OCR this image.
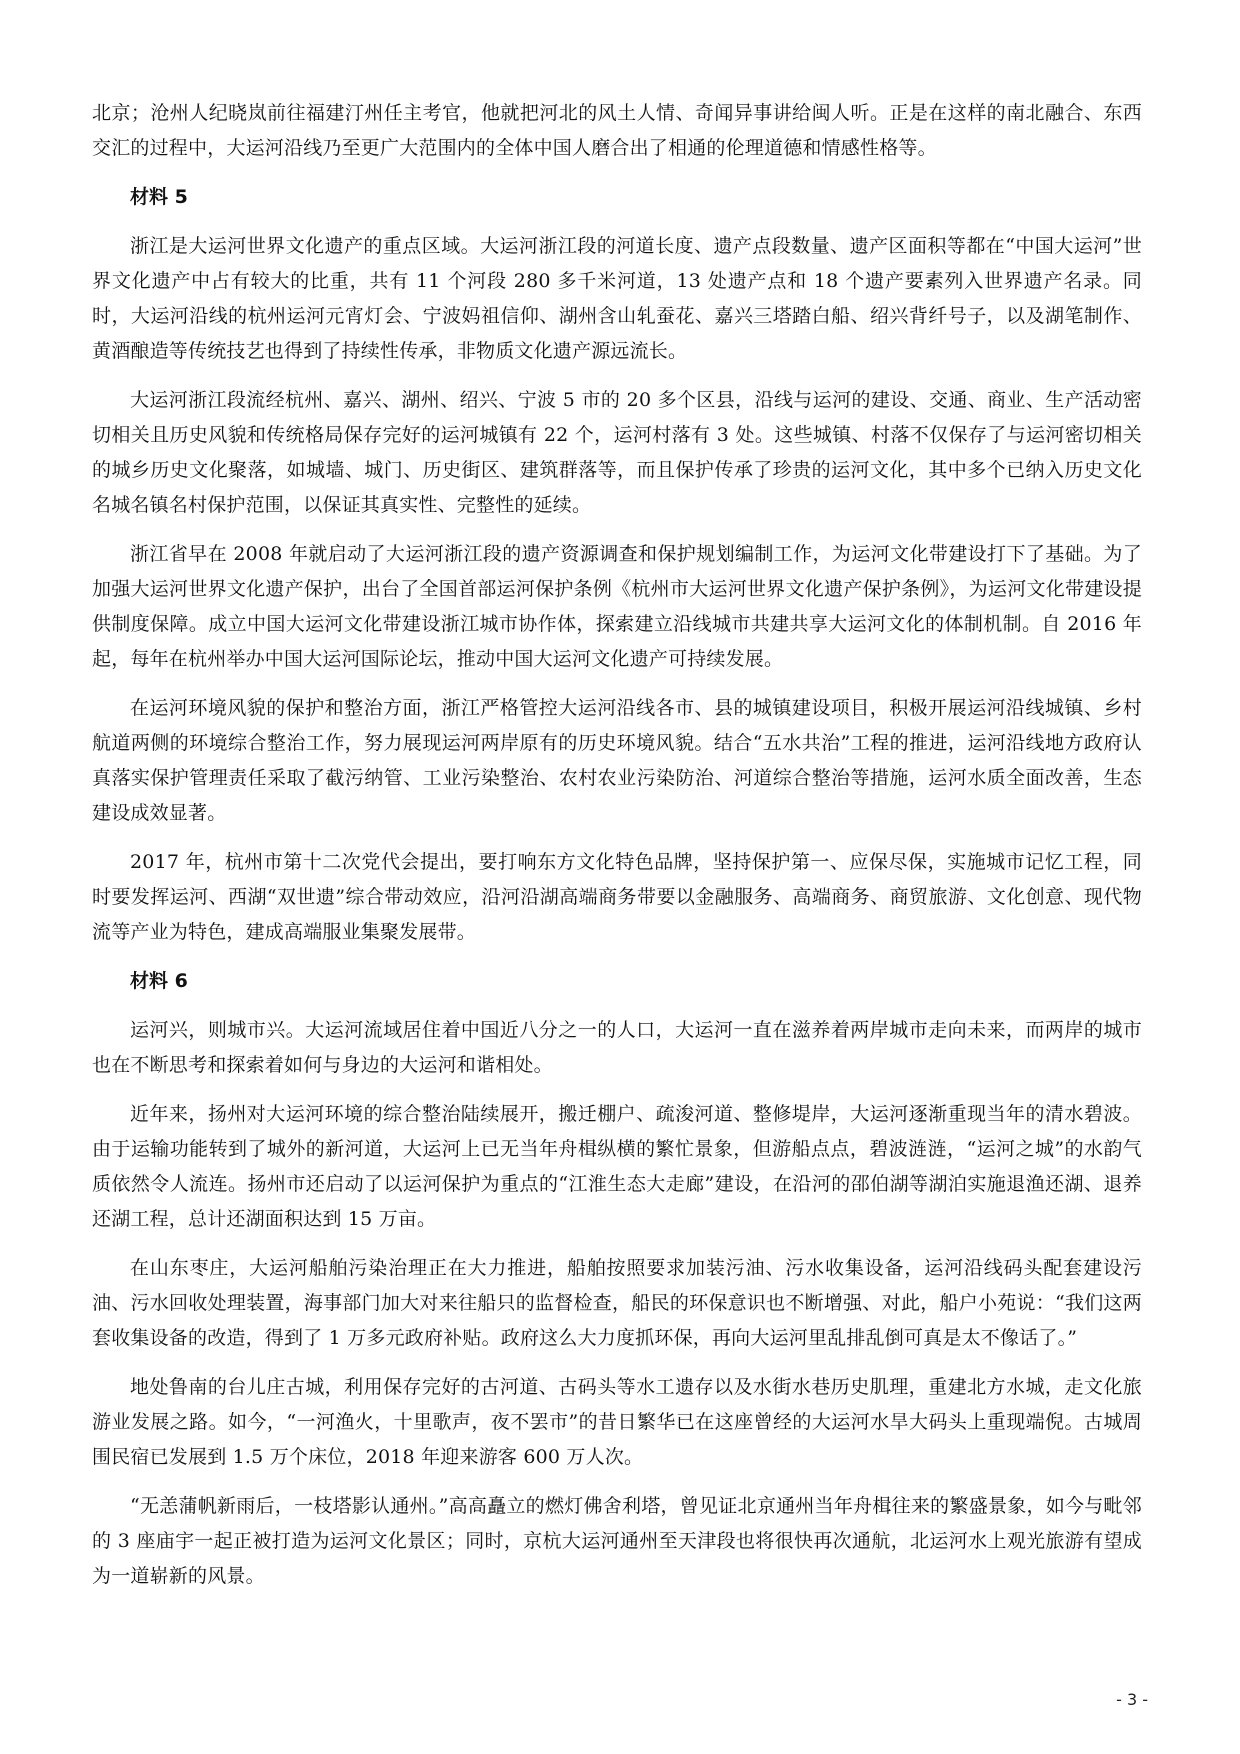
北京；沧州人纪晓岚前往福建汀州任主考官，他就把河北的风土人情、奇闻异事讲给闽人听。正是在这样的南北融合、东西交汇的过程中，大运河沿线乃至更广大范围内的全体中国人磨合出了相通的伦理道德和情感性格等。

材料 5

浙江是大运河世界文化遗产的重点区域。大运河浙江段的河道长度、遗产点段数量、遗产区面积等都在“中国大运河”世界文化遗产中占有较大的比重，共有 11 个河段 280 多千米河道，13 处遗产点和 18 个遗产要素列入世界遗产名录。同时，大运河沿线的杭州运河元宵灯会、宁波妈祖信仰、湖州含山轧蚕花、嘉兴三塔踏白船、绍兴背纤号子，以及湖笔制作、黄酒酿造等传统技艺也得到了持续性传承，非物质文化遗产源远流长。

大运河浙江段流经杭州、嘉兴、湖州、绍兴、宁波 5 市的 20 多个区县，沿线与运河的建设、交通、商业、生产活动密切相关且历史风貌和传统格局保存完好的运河城镇有 22 个，运河村落有 3 处。这些城镇、村落不仅保存了与运河密切相关的城乡历史文化聚落，如城墙、城门、历史街区、建筑群落等，而且保护传承了珍贵的运河文化，其中多个已纳入历史文化名城名镇名村保护范围，以保证其真实性、完整性的延续。

浙江省早在 2008 年就启动了大运河浙江段的遗产资源调查和保护规划编制工作，为运河文化带建设打下了基础。为了加强大运河世界文化遗产保护，出台了全国首部运河保护条例《杭州市大运河世界文化遗产保护条例》，为运河文化带建设提供制度保障。成立中国大运河文化带建设浙江城市协作体，探索建立沿线城市共建共享大运河文化的体制机制。自 2016 年起，每年在杭州举办中国大运河国际论坛，推动中国大运河文化遗产可持续发展。

在运河环境风貌的保护和整治方面，浙江严格管控大运河沿线各市、县的城镇建设项目，积极开展运河沿线城镇、乡村航道两侧的环境综合整治工作，努力展现运河两岸原有的历史环境风貌。结合“五水共治”工程的推进，运河沿线地方政府认真落实保护管理责任采取了截污纳管、工业污染整治、农村农业污染防治、河道综合整治等措施，运河水质全面改善，生态建设成效显著。

2017 年，杭州市第十二次党代会提出，要打响东方文化特色品牌，坚持保护第一、应保尽保，实施城市记忆工程，同时要发挥运河、西湖“双世遗”综合带动效应，沿河沿湖高端商务带要以金融服务、高端商务、商贸旅游、文化创意、现代物流等产业为特色，建成高端服业集聚发展带。

材料 6

运河兴，则城市兴。大运河流域居住着中国近八分之一的人口，大运河一直在滋养着两岸城市走向未来，而两岸的城市也在不断思考和探索着如何与身边的大运河和谐相处。

近年来，扬州对大运河环境的综合整治陆续展开，搬迁棚户、疏浚河道、整修堤岸，大运河逐渐重现当年的清水碧波。由于运输功能转到了城外的新河道，大运河上已无当年舟楫纵横的繁忙景象，但游船点点，碧波涟涟，“运河之城”的水韵气质依然令人流连。扬州市还启动了以运河保护为重点的“江淮生态大走廊”建设，在沿河的邵伯湖等湖泊实施退渔还湖、退养还湖工程，总计还湖面积达到 15 万亩。

在山东枣庄，大运河船舶污染治理正在大力推进，船舶按照要求加装污油、污水收集设备，运河沿线码头配套建设污油、污水回收处理装置，海事部门加大对来往船只的监督检查，船民的环保意识也不断增强、对此，船户小苑说：“我们这两套收集设备的改造，得到了 1 万多元政府补贴。政府这么大力度抓环保，再向大运河里乱排乱倒可真是太不像话了。”

地处鲁南的台儿庄古城，利用保存完好的古河道、古码头等水工遗存以及水街水巷历史肌理，重建北方水城，走文化旅游业发展之路。如今，“一河渔火，十里歌声，夜不罢市”的昔日繁华已在这座曾经的大运河水旱大码头上重现端倪。古城周围民宿已发展到 1.5 万个床位，2018 年迎来游客 600 万人次。

“无恙蒲帆新雨后，一枝塔影认通州。”高高矗立的燃灯佛舍利塔，曾见证北京通州当年舟楫往来的繁盛景象，如今与毗邻的 3 座庙宇一起正被打造为运河文化景区；同时，京杭大运河通州至天津段也将很快再次通航，北运河水上观光旅游有望成为一道崭新的风景。

- 3 -
